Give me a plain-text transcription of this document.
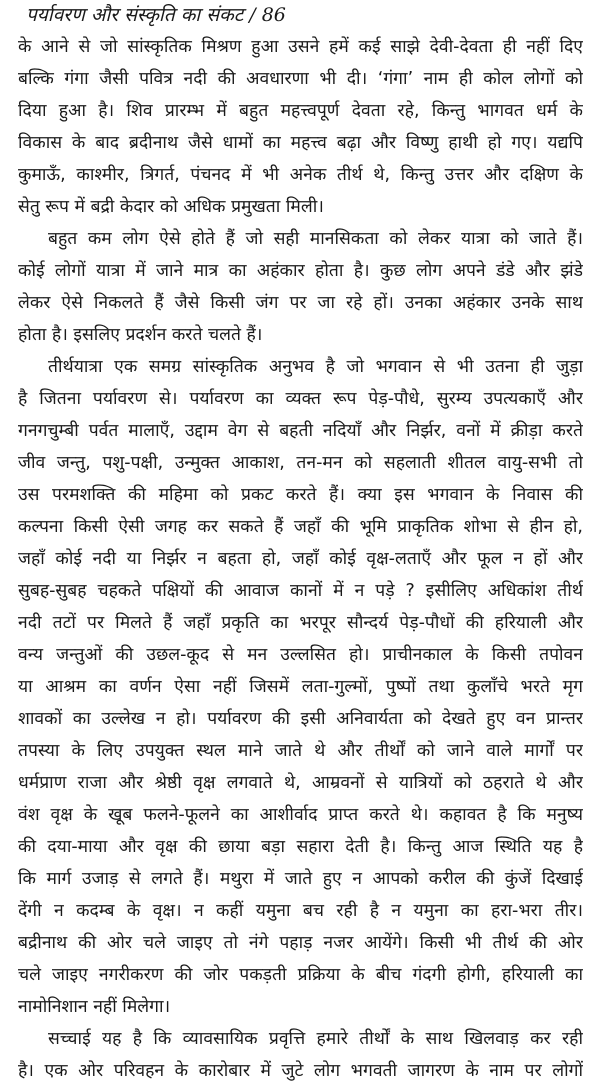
पर्यावरण और संस्कृति का संकट / 86
के आने से जो सांस्कृतिक मिश्रण हुआ उसने हमें कई साझे देवी-देवता ही नहीं दिए
बल्कि गंगा जैसी पवित्र नदी की अवधारणा भी दी। ‘गंगा’ नाम ही कोल लोगों को
दिया हुआ है। शिव प्रारम्भ में बहुत महत्त्वपूर्ण देवता रहे, किन्तु भागवत धर्म के
विकास के बाद ब्रदीनाथ जैसे धामों का महत्त्व बढ़ा और विष्णु हाथी हो गए। यद्यपि
कुमाऊँ, काश्मीर, त्रिगर्त, पंचनद में भी अनेक तीर्थ थे, किन्तु उत्तर और दक्षिण के
सेतु रूप में बद्री केदार को अधिक प्रमुखता मिली।
बहुत कम लोग ऐसे होते हैं जो सही मानसिकता को लेकर यात्रा को जाते हैं।
कोई लोगों यात्रा में जाने मात्र का अहंकार होता है। कुछ लोग अपने डंडे और झंडे
लेकर ऐसे निकलते हैं जैसे किसी जंग पर जा रहे हों। उनका अहंकार उनके साथ
होता है। इसलिए प्रदर्शन करते चलते हैं।
तीर्थयात्रा एक समग्र सांस्कृतिक अनुभव है जो भगवान से भी उतना ही जुड़ा
है जितना पर्यावरण से। पर्यावरण का व्यक्त रूप पेड़-पौधे, सुरम्य उपत्यकाएँ और
गनगचुम्बी पर्वत मालाएँ, उद्दाम वेग से बहती नदियाँ और निर्झर, वनों में क्रीड़ा करते
जीव जन्तु, पशु-पक्षी, उन्मुक्त आकाश, तन-मन को सहलाती शीतल वायु-सभी तो
उस परमशक्ति की महिमा को प्रकट करते हैं। क्या इस भगवान के निवास की
कल्पना किसी ऐसी जगह कर सकते हैं जहाँ की भूमि प्राकृतिक शोभा से हीन हो,
जहाँ कोई नदी या निर्झर न बहता हो, जहाँ कोई वृक्ष-लताएँ और फूल न हों और
सुबह-सुबह चहकते पक्षियों की आवाज कानों में न पड़े ? इसीलिए अधिकांश तीर्थ
नदी तटों पर मिलते हैं जहाँ प्रकृति का भरपूर सौन्दर्य पेड़-पौधों की हरियाली और
वन्य जन्तुओं की उछल-कूद से मन उल्लसित हो। प्राचीनकाल के किसी तपोवन
या आश्रम का वर्णन ऐसा नहीं जिसमें लता-गुल्मों, पुष्पों तथा कुलाँचे भरते मृग
शावकों का उल्लेख न हो। पर्यावरण की इसी अनिवार्यता को देखते हुए वन प्रान्तर
तपस्या के लिए उपयुक्त स्थल माने जाते थे और तीर्थों को जाने वाले मार्गों पर
धर्मप्राण राजा और श्रेष्ठी वृक्ष लगवाते थे, आम्रवनों से यात्रियों को ठहराते थे और
वंश वृक्ष के खूब फलने-फूलने का आशीर्वाद प्राप्त करते थे। कहावत है कि मनुष्य
की दया-माया और वृक्ष की छाया बड़ा सहारा देती है। किन्तु आज स्थिति यह है
कि मार्ग उजाड़ से लगते हैं। मथुरा में जाते हुए न आपको करील की कुंजें दिखाई
देंगी न कदम्ब के वृक्ष। न कहीं यमुना बच रही है न यमुना का हरा-भरा तीर।
बद्रीनाथ की ओर चले जाइए तो नंगे पहाड़ नजर आयेंगे। किसी भी तीर्थ की ओर
चले जाइए नगरीकरण की जोर पकड़ती प्रक्रिया के बीच गंदगी होगी, हरियाली का
नामोनिशान नहीं मिलेगा।
सच्चाई यह है कि व्यावसायिक प्रवृत्ति हमारे तीर्थों के साथ खिलवाड़ कर रही
है। एक ओर परिवहन के कारोबार में जुटे लोग भगवती जागरण के नाम पर लोगों
